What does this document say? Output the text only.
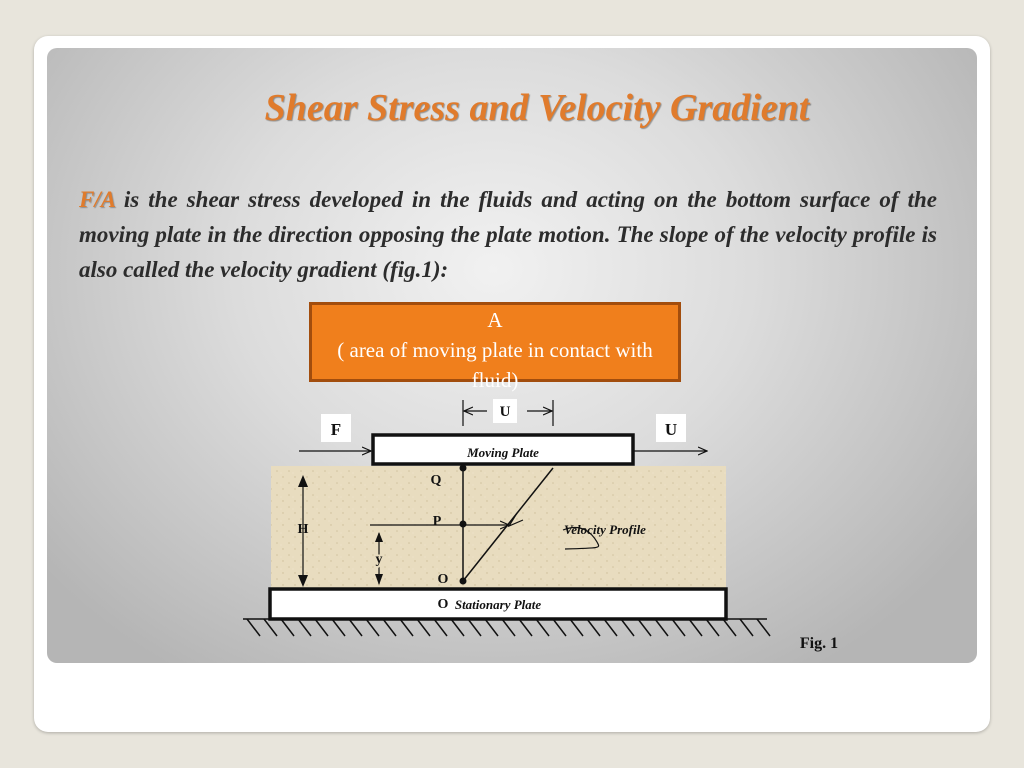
Shear Stress and Velocity Gradient

F/A is the shear stress developed in the fluids and acting on the bottom surface of the moving plate in the direction opposing the plate motion. The slope of the velocity profile is also called the velocity gradient (fig.1):

A
( area of moving plate in contact with fluid)
U
F	U
Moving Plate
Stationary Plate
Q
P
O
O
Velocity Profile
H
y
Fig. 1
